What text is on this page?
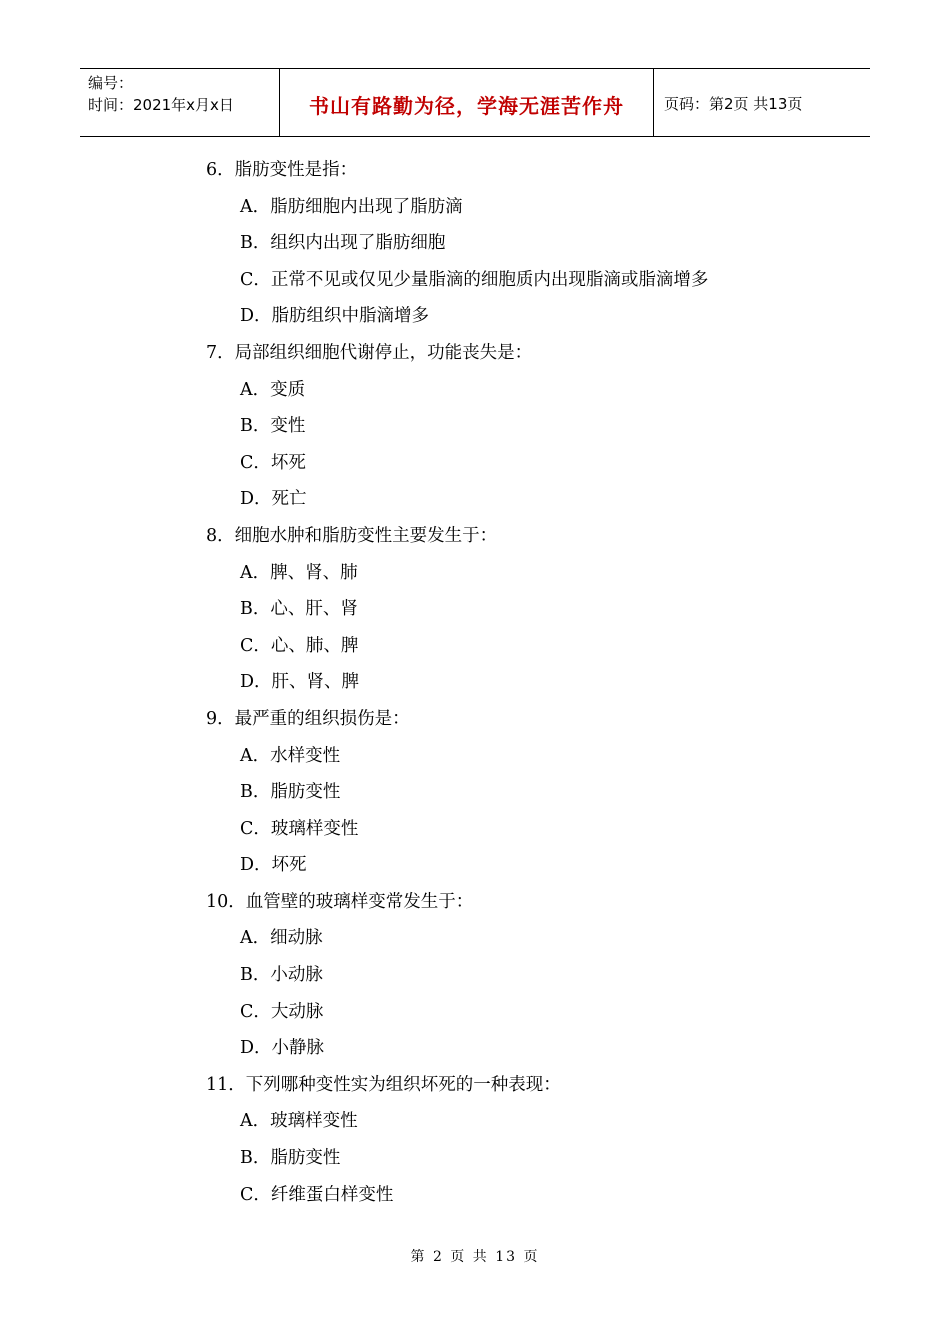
编号：
时间：2021年x月x日	书山有路勤为径，学海无涯苦作舟	页码：第2页 共13页
6．脂肪变性是指：
A．脂肪细胞内出现了脂肪滴
B．组织内出现了脂肪细胞
C．正常不见或仅见少量脂滴的细胞质内出现脂滴或脂滴增多
D．脂肪组织中脂滴增多
7．局部组织细胞代谢停止，功能丧失是：
A．变质
B．变性
C．坏死
D．死亡
8．细胞水肿和脂肪变性主要发生于：
A．脾、肾、肺
B．心、肝、肾
C．心、肺、脾
D．肝、肾、脾
9．最严重的组织损伤是：
A．水样变性
B．脂肪变性
C．玻璃样变性
D．坏死
10．血管壁的玻璃样变常发生于：
A．细动脉
B．小动脉
C．大动脉
D．小静脉
11．下列哪种变性实为组织坏死的一种表现：
A．玻璃样变性
B．脂肪变性
C．纤维蛋白样变性
第 2 页 共 13 页
